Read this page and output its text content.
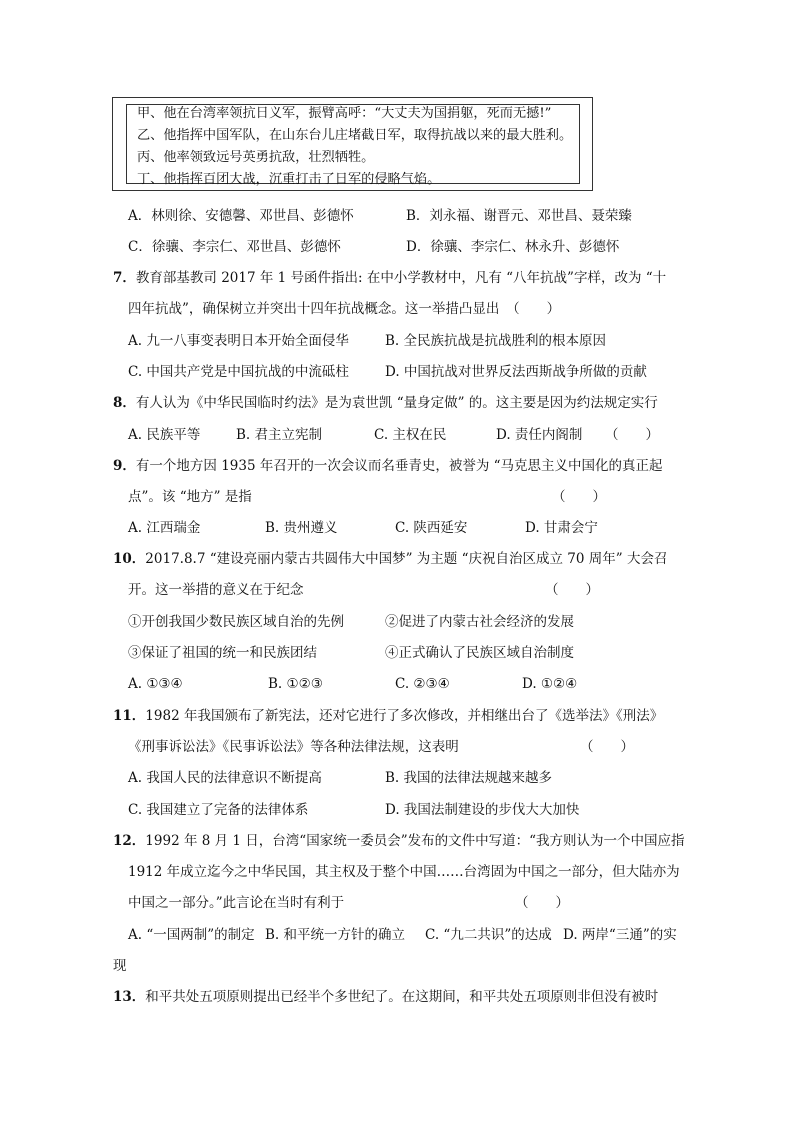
甲、他在台湾率领抗日义军，振臂高呼：“大丈夫为国捐躯，死而无撼!”
乙、他指挥中国军队，在山东台儿庄堵截日军，取得抗战以来的最大胜利。
丙、他率领致远号英勇抗敌，壮烈牺牲。
丁、他指挥百团大战，沉重打击了日军的侵略气焰。
A．林则徐、安德馨、邓世昌、彭德怀	B．刘永福、谢晋元、邓世昌、聂荣臻
C．徐骧、李宗仁、邓世昌、彭德怀	D．徐骧、李宗仁、林永升、彭德怀
7．教育部基教司 2017 年 1 号函件指出: 在中小学教材中，凡有 “八年抗战”字样，改为 “十
四年抗战”，确保树立并突出十四年抗战概念。这一举措凸显出　（　　）
A. 九一八事变表明日本开始全面侵华	B. 全民族抗战是抗战胜利的根本原因
C. 中国共产党是中国抗战的中流砥柱	D. 中国抗战对世界反法西斯战争所做的贡献
8．有人认为《中华民国临时约法》是为袁世凯 “量身定做” 的。这主要是因为约法规定实行
A. 民族平等	B. 君主立宪制	C. 主权在民	D. 责任内阁制 （　　）
9．有一个地方因 1935 年召开的一次会议而名垂青史，被誉为 “马克思主义中国化的真正起
点”。该 “地方” 是指	（　　）
A. 江西瑞金	B. 贵州遵义	C. 陕西延安	D. 甘肃会宁
10．2017.8.7 “建设亮丽内蒙古共圆伟大中国梦” 为主题 “庆祝自治区成立 70 周年” 大会召
开。这一举措的意义在于纪念	（　　）
①开创我国少数民族区域自治的先例	②促进了内蒙古社会经济的发展
③保证了祖国的统一和民族团结	④正式确认了民族区域自治制度
A. ①③④	B. ①②③	C. ②③④	D. ①②④
11．1982 年我国颁布了新宪法，还对它进行了多次修改，并相继出台了《选举法》《刑法》
《刑事诉讼法》《民事诉讼法》等各种法律法规，这表明	（　　）
A. 我国人民的法律意识不断提高	B. 我国的法律法规越来越多
C. 我国建立了完备的法律体系	D. 我国法制建设的步伐大大加快
12．1992 年 8 月 1 日，台湾“国家统一委员会”发布的文件中写道：“我方则认为一个中国应指
1912 年成立迄今之中华民国，其主权及于整个中国……台湾固为中国之一部分，但大陆亦为
中国之一部分。”此言论在当时有利于	（　　）
A. “一国两制”的制定 B. 和平统一方针的确立 C. “九二共识”的达成 D. 两岸“三通”的实
现
13．和平共处五项原则提出已经半个多世纪了。在这期间，和平共处五项原则非但没有被时
